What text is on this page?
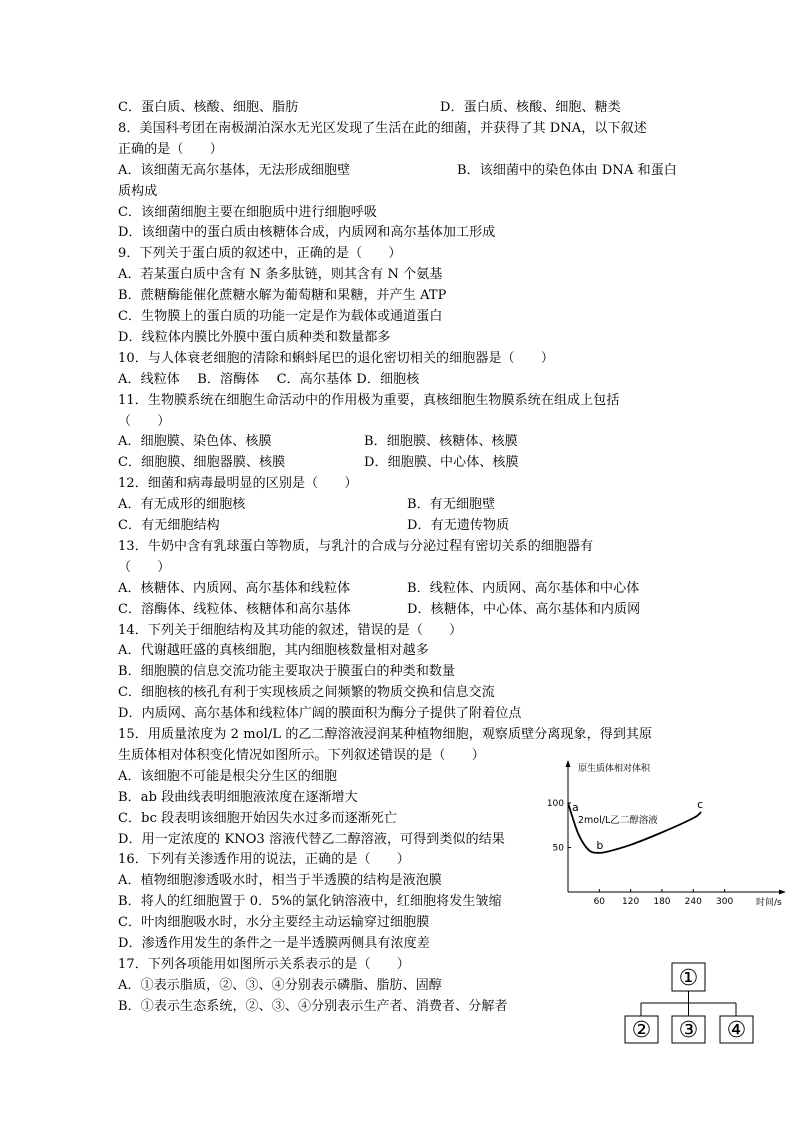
C．蛋白质、核酸、细胞、脂肪	D．蛋白质、核酸、细胞、糖类
8．美国科考团在南极湖泊深水无光区发现了生活在此的细菌，并获得了其 DNA，以下叙述
正确的是（　　）
A．该细菌无高尔基体，无法形成细胞壁	B．该细菌中的染色体由 DNA 和蛋白
质构成
C．该细菌细胞主要在细胞质中进行细胞呼吸
D．该细菌中的蛋白质由核糖体合成，内质网和高尔基体加工形成
9．下列关于蛋白质的叙述中，正确的是（　　）
A．若某蛋白质中含有 N 条多肽链，则其含有 N 个氨基
B．蔗糖酶能催化蔗糖水解为葡萄糖和果糖，并产生 ATP
C．生物膜上的蛋白质的功能一定是作为载体或通道蛋白
D．线粒体内膜比外膜中蛋白质种类和数量都多
10．与人体衰老细胞的清除和蝌蚪尾巴的退化密切相关的细胞器是（　　）
A．线粒体　 B．溶酶体　 C．高尔基体 D．细胞核
11．生物膜系统在细胞生命活动中的作用极为重要，真核细胞生物膜系统在组成上包括
（　　）
A．细胞膜、染色体、核膜	B．细胞膜、核糖体、核膜
C．细胞膜、细胞器膜、核膜	D．细胞膜、中心体、核膜
12．细菌和病毒最明显的区别是（　　）
A．有无成形的细胞核	B．有无细胞壁
C．有无细胞结构	D．有无遗传物质
13．牛奶中含有乳球蛋白等物质，与乳汁的合成与分泌过程有密切关系的细胞器有
（　　）
A．核糖体、内质网、高尔基体和线粒体	B．线粒体、内质网、高尔基体和中心体
C．溶酶体、线粒体、核糖体和高尔基体	D．核糖体，中心体、高尔基体和内质网
14．下列关于细胞结构及其功能的叙述，错误的是（　　）
A．代谢越旺盛的真核细胞，其内细胞核数量相对越多
B．细胞膜的信息交流功能主要取决于膜蛋白的种类和数量
C．细胞核的核孔有利于实现核质之间频繁的物质交换和信息交流
D．内质网、高尔基体和线粒体广阔的膜面积为酶分子提供了附着位点
15．用质量浓度为 2 mol/L 的乙二醇溶液浸润某种植物细胞，观察质壁分离现象，得到其原
生质体相对体积变化情况如图所示。下列叙述错误的是（　　）
A．该细胞不可能是根尖分生区的细胞
B．ab 段曲线表明细胞液浓度在逐渐增大
C．bc 段表明该细胞开始因失水过多而逐渐死亡
D．用一定浓度的 KNO3 溶液代替乙二醇溶液，可得到类似的结果
16．下列有关渗透作用的说法，正确的是（　　）
A．植物细胞渗透吸水时，相当于半透膜的结构是液泡膜
B．将人的红细胞置于 0．5%的氯化钠溶液中，红细胞将发生皱缩
C．叶肉细胞吸水时，水分主要经主动运输穿过细胞膜
D．渗透作用发生的条件之一是半透膜两侧具有浓度差
17．下列各项能用如图所示关系表示的是（　　）
A．①表示脂质，②、③、④分别表示磷脂、脂肪、固醇
B．①表示生态系统，②、③、④分别表示生产者、消费者、分解者
原生质体相对体积
时间/s
60 120 180 240 300
100
50
2mol/L乙二醇溶液
a
b
c
①
② ③ ④
